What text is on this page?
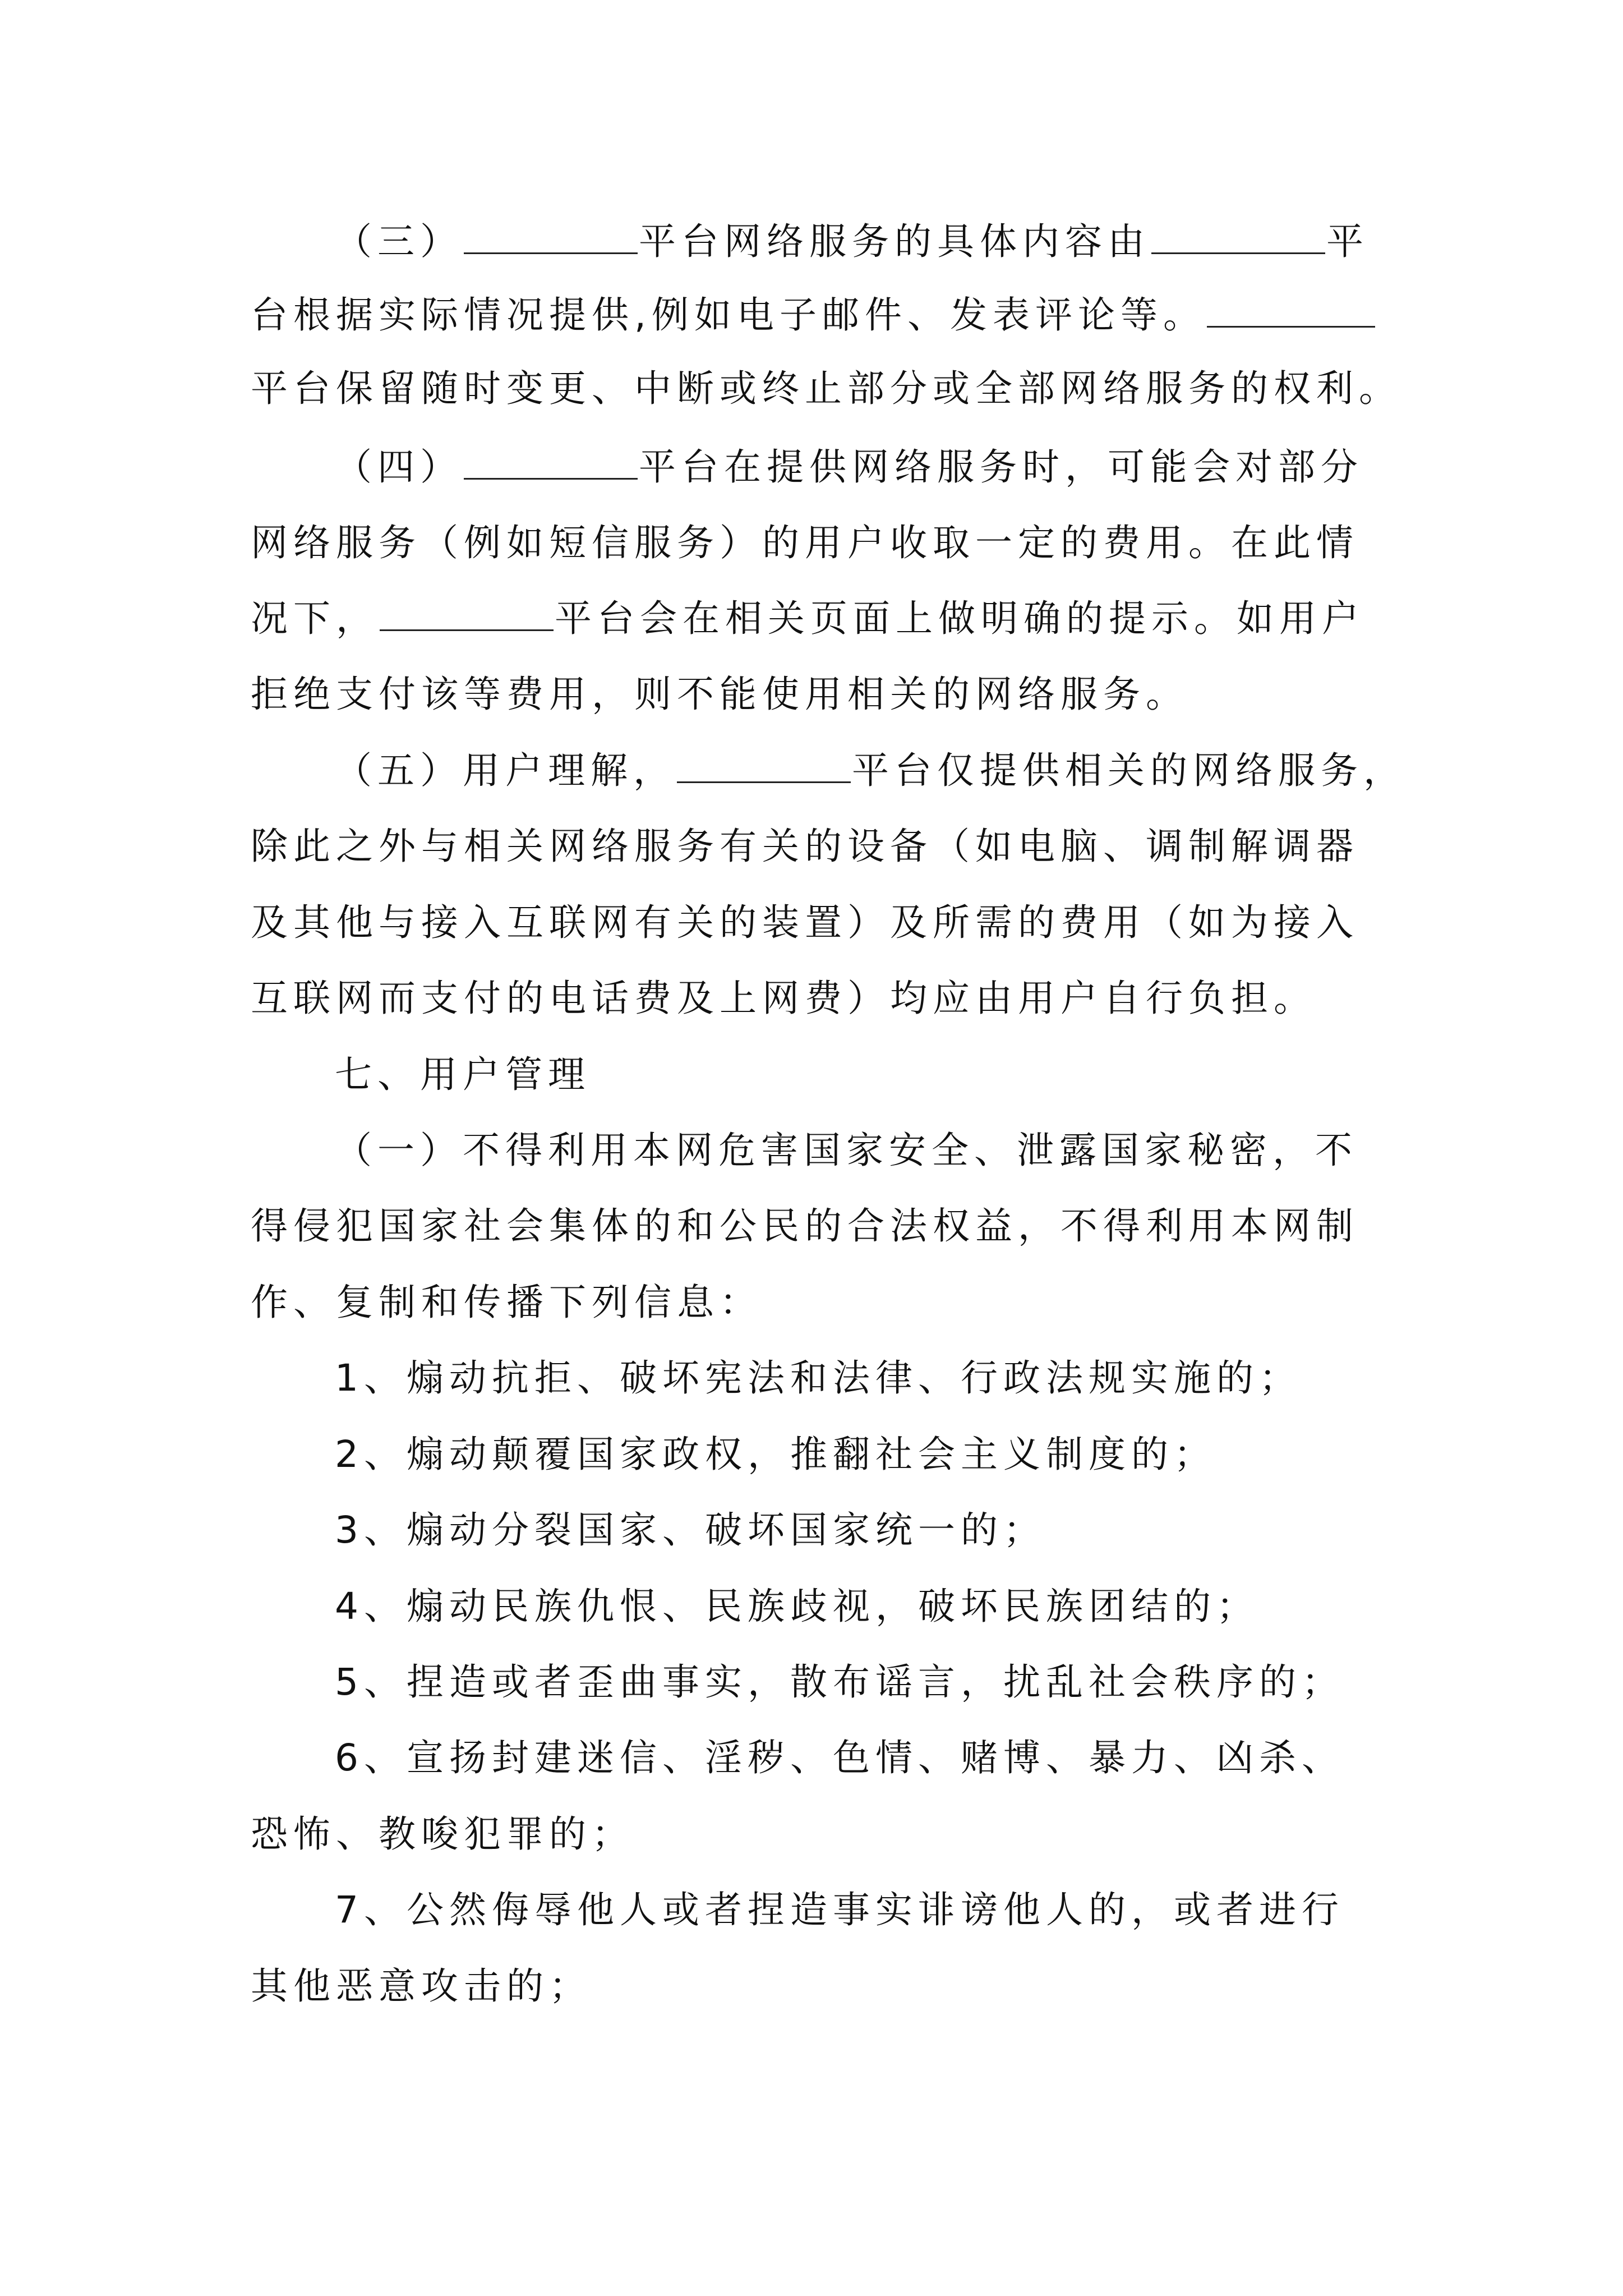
（三）	平台网络服务的具体内容由	平
台根据实际情况提供,例如电子邮件、发表评论等。
平台保留随时变更、中断或终止部分或全部网络服务的权利。
（四）	平台在提供网络服务时，可能会对部分
网络服务（例如短信服务）的用户收取一定的费用。在此情
况下，	平台会在相关页面上做明确的提示。如用户
拒绝支付该等费用，则不能使用相关的网络服务。
（五）用户理解，	平台仅提供相关的网络服务，
除此之外与相关网络服务有关的设备（如电脑、调制解调器
及其他与接入互联网有关的装置）及所需的费用（如为接入
互联网而支付的电话费及上网费）均应由用户自行负担。
七、用户管理
（一）不得利用本网危害国家安全、泄露国家秘密，不
得侵犯国家社会集体的和公民的合法权益，不得利用本网制
作、复制和传播下列信息：
1、煽动抗拒、破坏宪法和法律、行政法规实施的；
2、煽动颠覆国家政权，推翻社会主义制度的；
3、煽动分裂国家、破坏国家统一的；
4、煽动民族仇恨、民族歧视，破坏民族团结的；
5、捏造或者歪曲事实，散布谣言，扰乱社会秩序的；
6、宣扬封建迷信、淫秽、色情、赌博、暴力、凶杀、
恐怖、教唆犯罪的；
7、公然侮辱他人或者捏造事实诽谤他人的，或者进行
其他恶意攻击的；
